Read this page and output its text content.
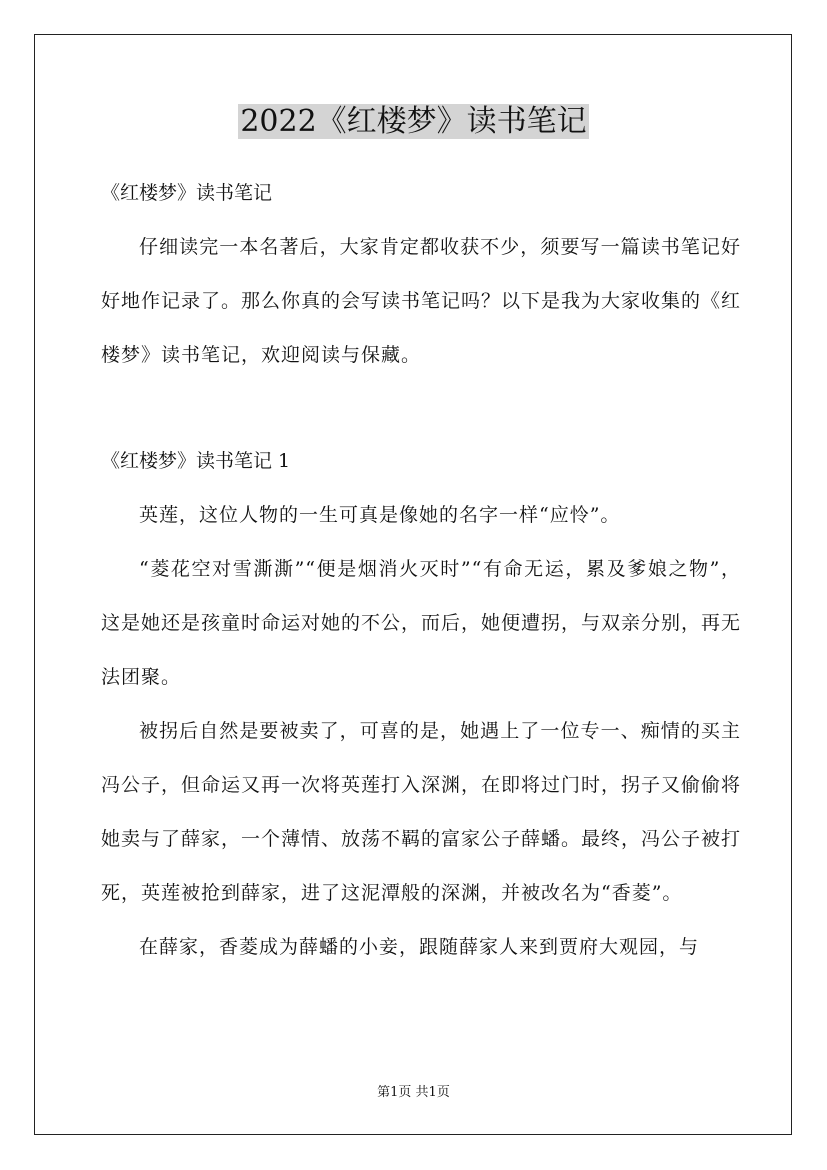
2022《红楼梦》读书笔记

《红楼梦》读书笔记

仔细读完一本名著后，大家肯定都收获不少，须要写一篇读书笔记好好地作记录了。那么你真的会写读书笔记吗？以下是我为大家收集的《红楼梦》读书笔记，欢迎阅读与保藏。

《红楼梦》读书笔记 1

英莲，这位人物的一生可真是像她的名字一样“应怜”。

“菱花空对雪澌澌”“便是烟消火灭时”“有命无运，累及爹娘之物”，这是她还是孩童时命运对她的不公，而后，她便遭拐，与双亲分别，再无法团聚。

被拐后自然是要被卖了，可喜的是，她遇上了一位专一、痴情的买主冯公子，但命运又再一次将英莲打入深渊，在即将过门时，拐子又偷偷将她卖与了薛家，一个薄情、放荡不羁的富家公子薛蟠。最终，冯公子被打死，英莲被抢到薛家，进了这泥潭般的深渊，并被改名为“香菱”。

在薛家，香菱成为薛蟠的小妾，跟随薛家人来到贾府大观园，与

第1页 共1页
